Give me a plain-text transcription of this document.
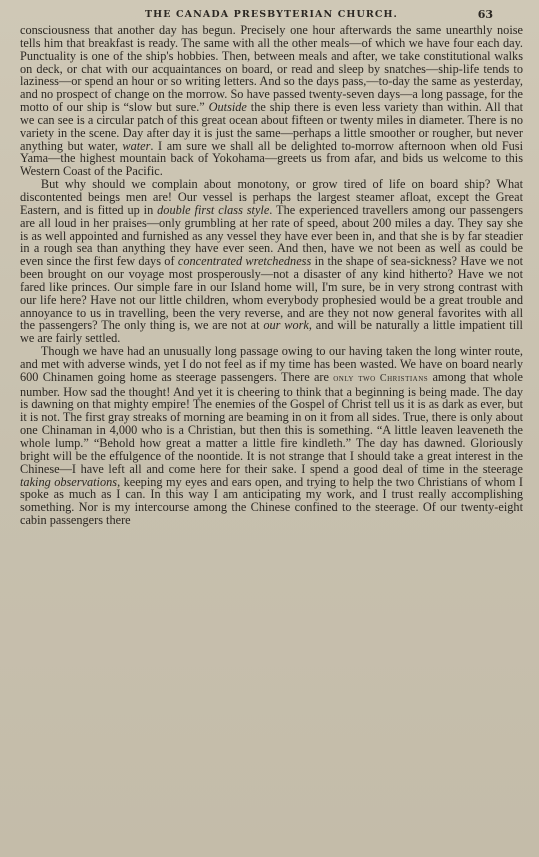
THE CANADA PRESBYTERIAN CHURCH.	63

consciousness that another day has begun. Precisely one hour afterwards the same unearthly noise tells him that breakfast is ready. The same with all the other meals—of which we have four each day. Punctuality is one of the ship's hobbies. Then, between meals and after, we take constitutional walks on deck, or chat with our acquaintances on board, or read and sleep by snatches—ship-life tends to laziness—or spend an hour or so writing letters. And so the days pass,—to-day the same as yesterday, and no prospect of change on the morrow. So have passed twenty-seven days—a long passage, for the motto of our ship is “slow but sure.” Outside the ship there is even less variety than within. All that we can see is a circular patch of this great ocean about fifteen or twenty miles in diameter. There is no variety in the scene. Day after day it is just the same—perhaps a little smoother or rougher, but never anything but water, water. I am sure we shall all be delighted to-morrow afternoon when old Fusi Yama—the highest mountain back of Yokohama—greets us from afar, and bids us welcome to this Western Coast of the Pacific.

But why should we complain about monotony, or grow tired of life on board ship? What discontented beings men are! Our vessel is perhaps the largest steamer afloat, except the Great Eastern, and is fitted up in double first class style. The experienced travellers among our passengers are all loud in her praises—only grumbling at her rate of speed, about 200 miles a day. They say she is as well appointed and furnished as any vessel they have ever been in, and that she is by far steadier in a rough sea than anything they have ever seen. And then, have we not been as well as could be even since the first few days of concentrated wretchedness in the shape of sea-sickness? Have we not been brought on our voyage most prosperously—not a disaster of any kind hitherto? Have we not fared like princes. Our simple fare in our Island home will, I'm sure, be in very strong contrast with our life here? Have not our little children, whom everybody prophesied would be a great trouble and annoyance to us in travelling, been the very reverse, and are they not now general favorites with all the passengers? The only thing is, we are not at our work, and will be naturally a little impatient till we are fairly settled.

Though we have had an unusually long passage owing to our having taken the long winter route, and met with adverse winds, yet I do not feel as if my time has been wasted. We have on board nearly 600 Chinamen going home as steerage passengers. There are only two Christians among that whole number. How sad the thought! And yet it is cheering to think that a beginning is being made. The day is dawning on that mighty empire! The enemies of the Gospel of Christ tell us it is as dark as ever, but it is not. The first gray streaks of morning are beaming in on it from all sides. True, there is only about one Chinaman in 4,000 who is a Christian, but then this is something. “A little leaven leaveneth the whole lump.” “Behold how great a matter a little fire kindleth.” The day has dawned. Gloriously bright will be the effulgence of the noontide. It is not strange that I should take a great interest in the Chinese—I have left all and come here for their sake. I spend a good deal of time in the steerage taking observations, keeping my eyes and ears open, and trying to help the two Christians of whom I spoke as much as I can. In this way I am anticipating my work, and I trust really accomplishing something. Nor is my intercourse among the Chinese confined to the steerage. Of our twenty-eight cabin passengers there
